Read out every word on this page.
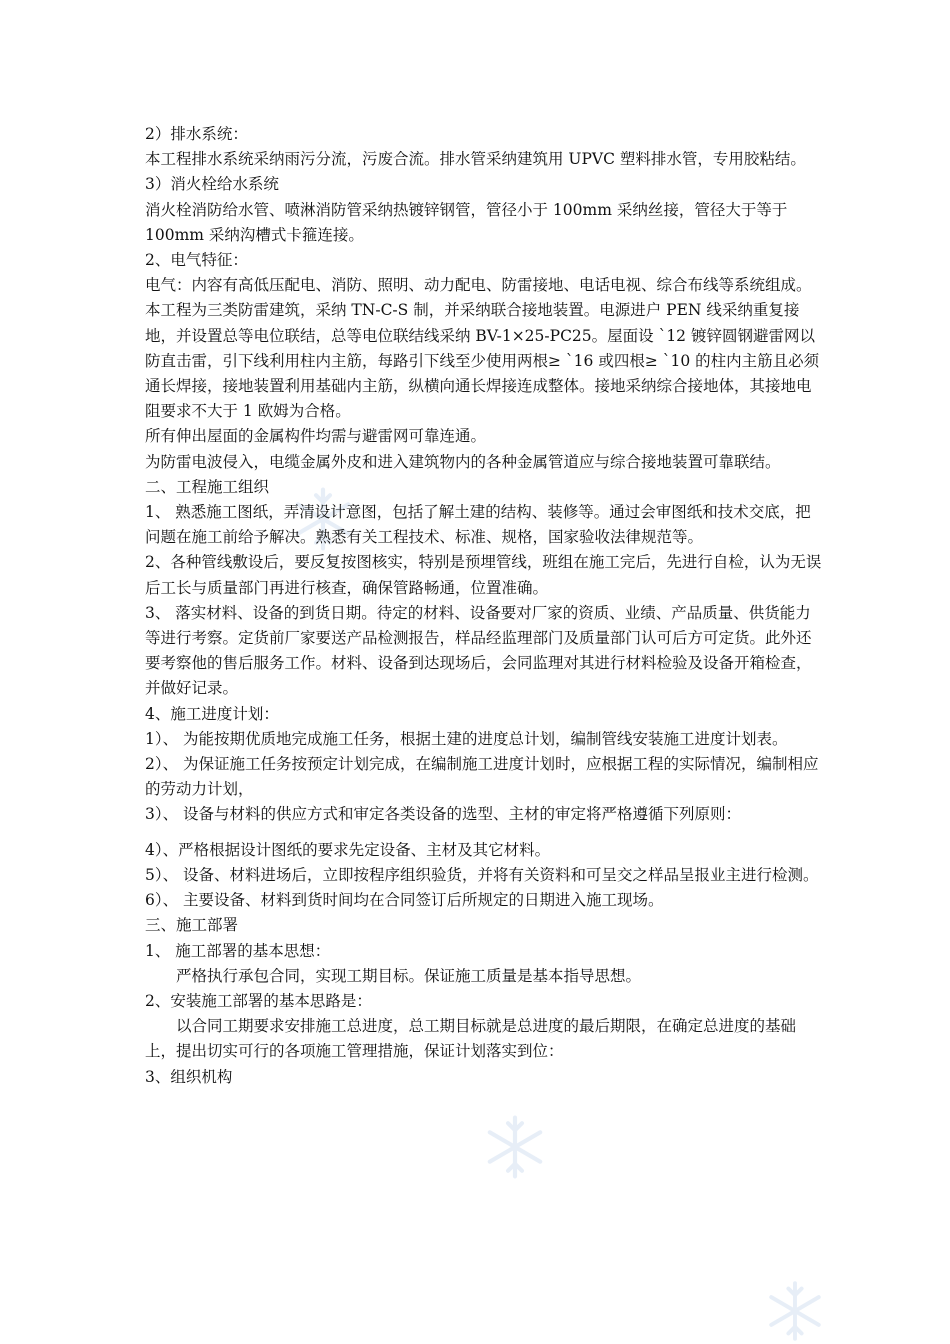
2）排水系统：

本工程排水系统采纳雨污分流，污废合流。排水管采纳建筑用 UPVC 塑料排水管，专用胶粘结。

3）消火栓给水系统

消火栓消防给水管、喷淋消防管采纳热镀锌钢管，管径小于 100mm 采纳丝接，管径大于等于 100mm 采纳沟槽式卡箍连接。

2、电气特征：

电气：内容有高低压配电、消防、照明、动力配电、防雷接地、电话电视、综合布线等系统组成。

本工程为三类防雷建筑，采纳 TN-C-S 制，并采纳联合接地装置。电源进户 PEN 线采纳重复接地，并设置总等电位联结，总等电位联结线采纳 BV-1×25-PC25。屋面设 `12 镀锌圆钢避雷网以防直击雷，引下线利用柱内主筋，每路引下线至少使用两根≥ `16 或四根≥ `10 的柱内主筋且必须通长焊接，接地装置利用基础内主筋，纵横向通长焊接连成整体。接地采纳综合接地体，其接地电阻要求不大于 1 欧姆为合格。

所有伸出屋面的金属构件均需与避雷网可靠连通。

为防雷电波侵入，电缆金属外皮和进入建筑物内的各种金属管道应与综合接地装置可靠联结。

二、工程施工组织

1、 熟悉施工图纸，弄清设计意图，包括了解土建的结构、装修等。通过会审图纸和技术交底，把问题在施工前给予解决。熟悉有关工程技术、标准、规格，国家验收法律规范等。

2、各种管线敷设后，要反复按图核实，特别是预埋管线，班组在施工完后，先进行自检，认为无误后工长与质量部门再进行核查，确保管路畅通，位置准确。

3、 落实材料、设备的到货日期。待定的材料、设备要对厂家的资质、业绩、产品质量、供货能力等进行考察。定货前厂家要送产品检测报告，样品经监理部门及质量部门认可后方可定货。此外还要考察他的售后服务工作。材料、设备到达现场后，会同监理对其进行材料检验及设备开箱检查，并做好记录。

4、施工进度计划：

1）、 为能按期优质地完成施工任务，根据土建的进度总计划，编制管线安装施工进度计划表。

2）、 为保证施工任务按预定计划完成，在编制施工进度计划时，应根据工程的实际情况，编制相应的劳动力计划，

3）、 设备与材料的供应方式和审定各类设备的选型、主材的审定将严格遵循下列原则：

4）、严格根据设计图纸的要求先定设备、主材及其它材料。

5）、 设备、材料进场后，立即按程序组织验货，并将有关资料和可呈交之样品呈报业主进行检测。

6）、 主要设备、材料到货时间均在合同签订后所规定的日期进入施工现场。

三、施工部署

1、 施工部署的基本思想：

严格执行承包合同，实现工期目标。保证施工质量是基本指导思想。

2、安装施工部署的基本思路是：

以合同工期要求安排施工总进度，总工期目标就是总进度的最后期限，在确定总进度的基础上，提出切实可行的各项施工管理措施，保证计划落实到位：

3、组织机构
